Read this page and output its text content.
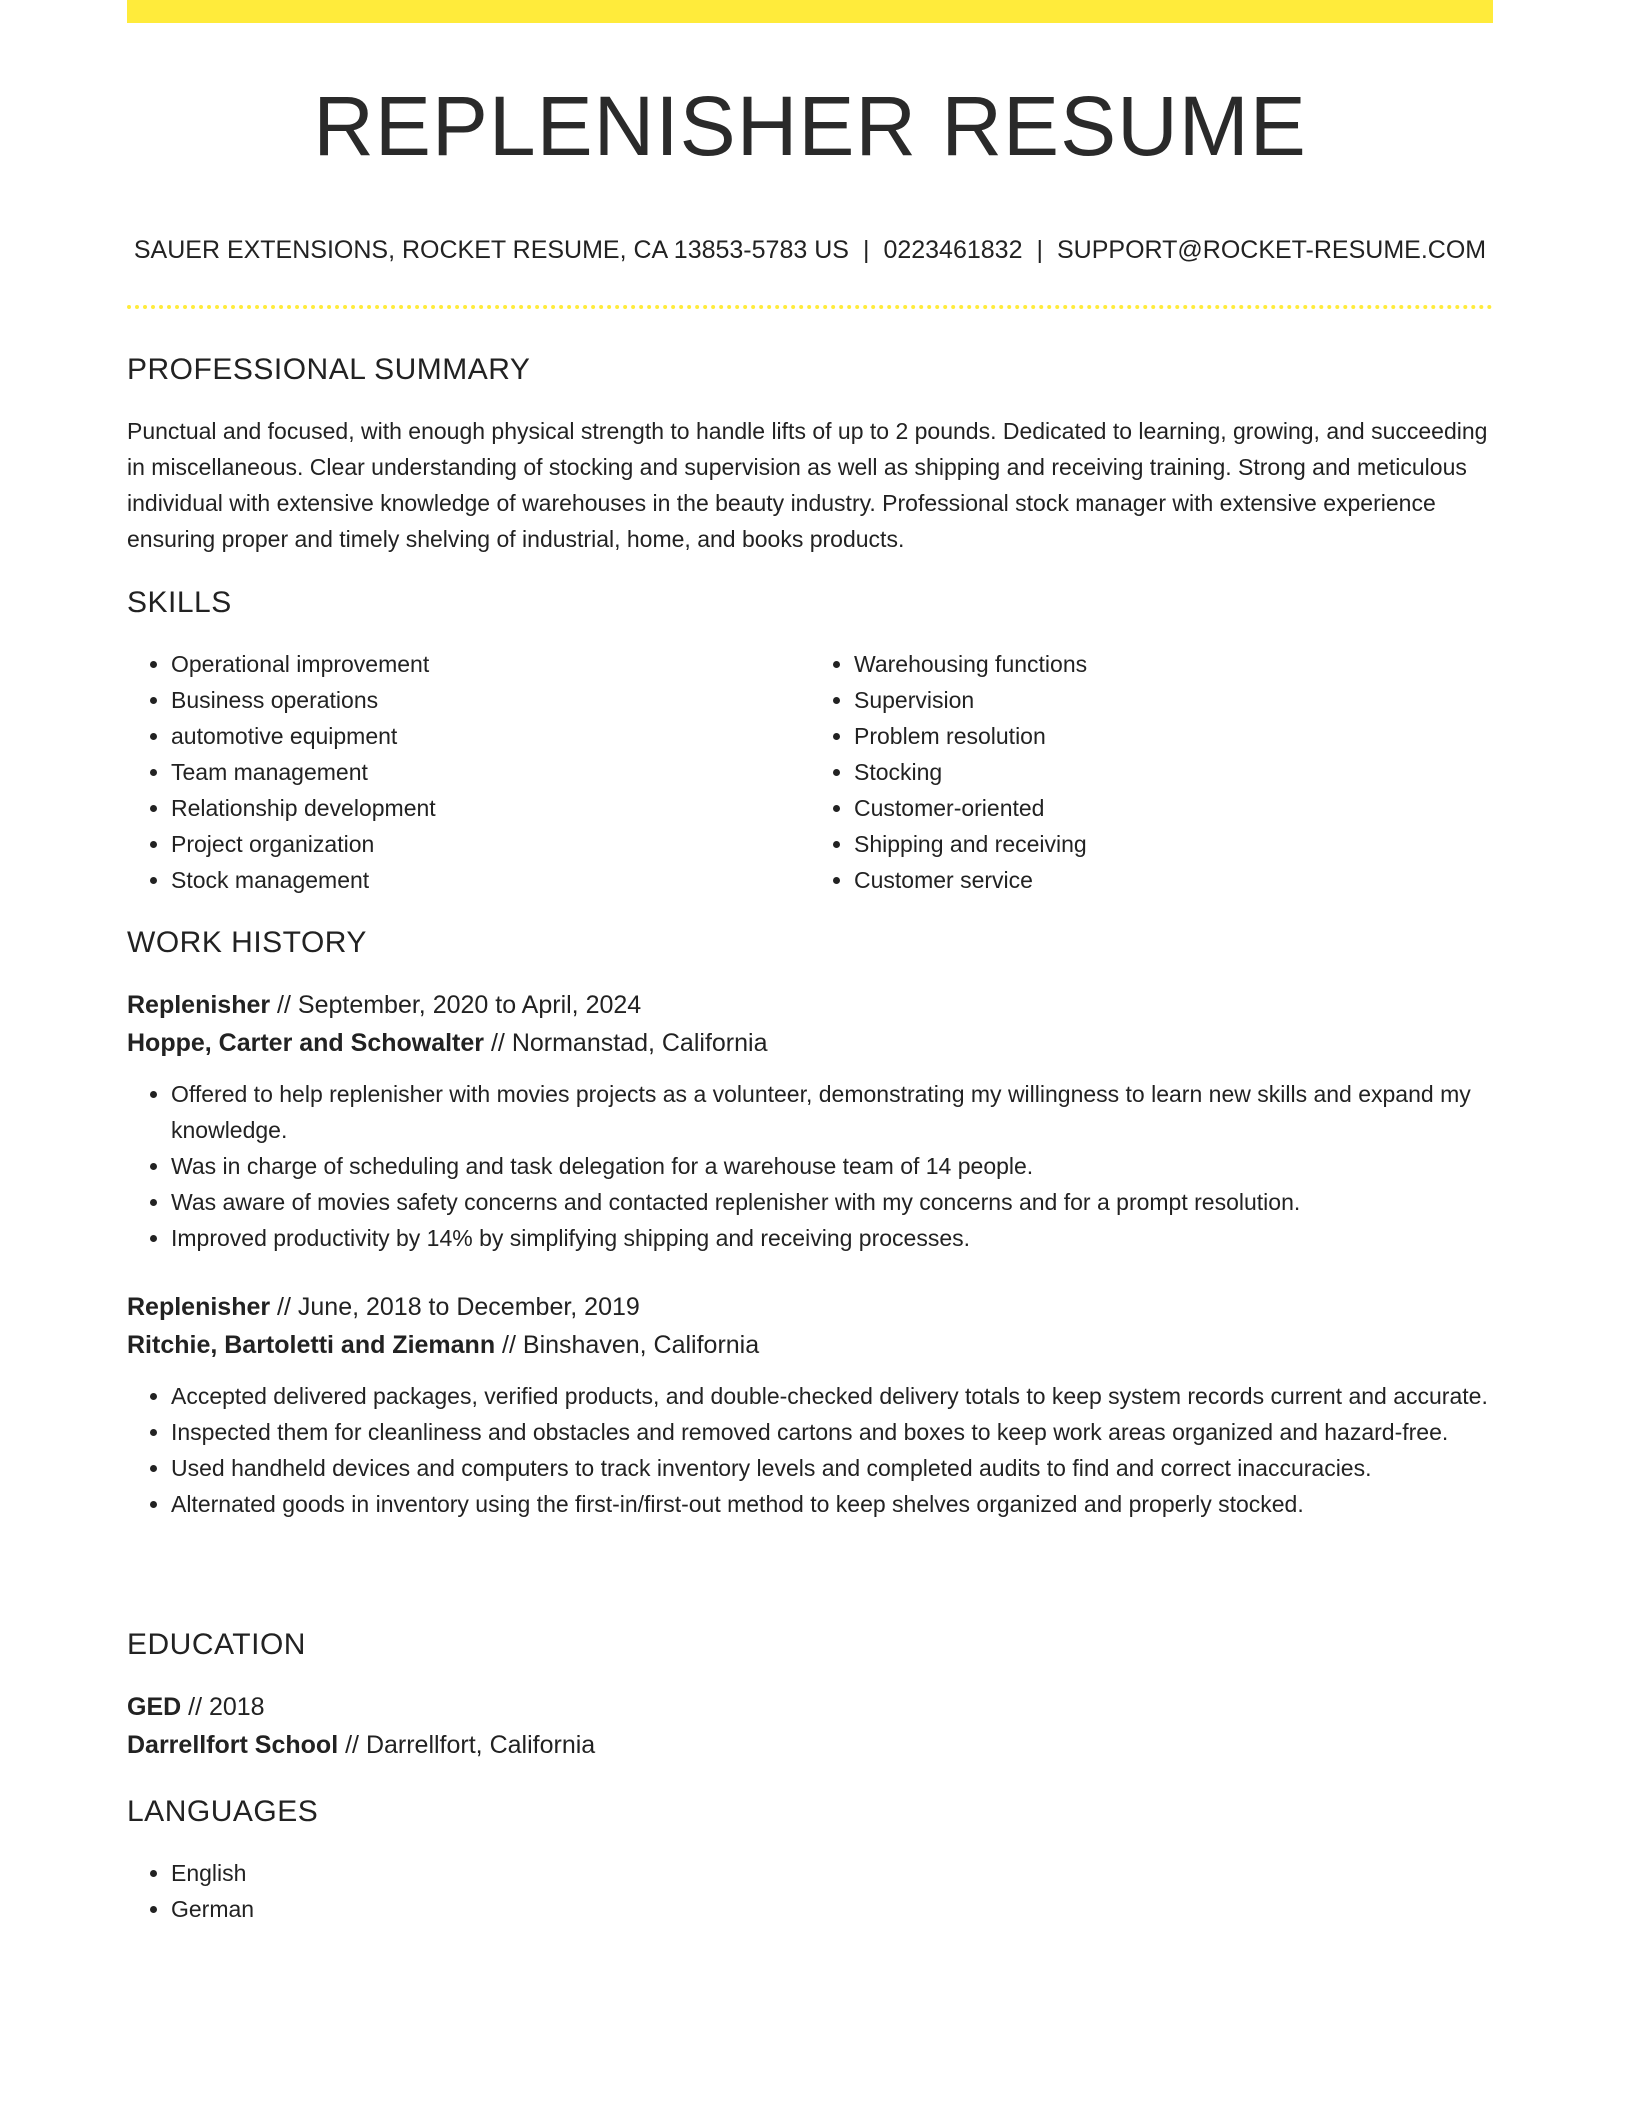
REPLENISHER RESUME
SAUER EXTENSIONS, ROCKET RESUME, CA 13853-5783 US | 0223461832 | SUPPORT@ROCKET-RESUME.COM
PROFESSIONAL SUMMARY

Punctual and focused, with enough physical strength to handle lifts of up to 2 pounds. Dedicated to learning, growing, and succeeding in miscellaneous. Clear understanding of stocking and supervision as well as shipping and receiving training. Strong and meticulous individual with extensive knowledge of warehouses in the beauty industry. Professional stock manager with extensive experience ensuring proper and timely shelving of industrial, home, and books products.

SKILLS
• Operational improvement
• Business operations
• automotive equipment
• Team management
• Relationship development
• Project organization
• Stock management
• Warehousing functions
• Supervision
• Problem resolution
• Stocking
• Customer-oriented
• Shipping and receiving
• Customer service
WORK HISTORY
Replenisher // September, 2020 to April, 2024
Hoppe, Carter and Schowalter // Normanstad, California
• Offered to help replenisher with movies projects as a volunteer, demonstrating my willingness to learn new skills and expand my knowledge.
• Was in charge of scheduling and task delegation for a warehouse team of 14 people.
• Was aware of movies safety concerns and contacted replenisher with my concerns and for a prompt resolution.
• Improved productivity by 14% by simplifying shipping and receiving processes.
Replenisher // June, 2018 to December, 2019
Ritchie, Bartoletti and Ziemann // Binshaven, California
• Accepted delivered packages, verified products, and double-checked delivery totals to keep system records current and accurate.
• Inspected them for cleanliness and obstacles and removed cartons and boxes to keep work areas organized and hazard-free.
• Used handheld devices and computers to track inventory levels and completed audits to find and correct inaccuracies.
• Alternated goods in inventory using the first-in/first-out method to keep shelves organized and properly stocked.
EDUCATION
GED // 2018
Darrellfort School // Darrellfort, California
LANGUAGES
• English
• German
